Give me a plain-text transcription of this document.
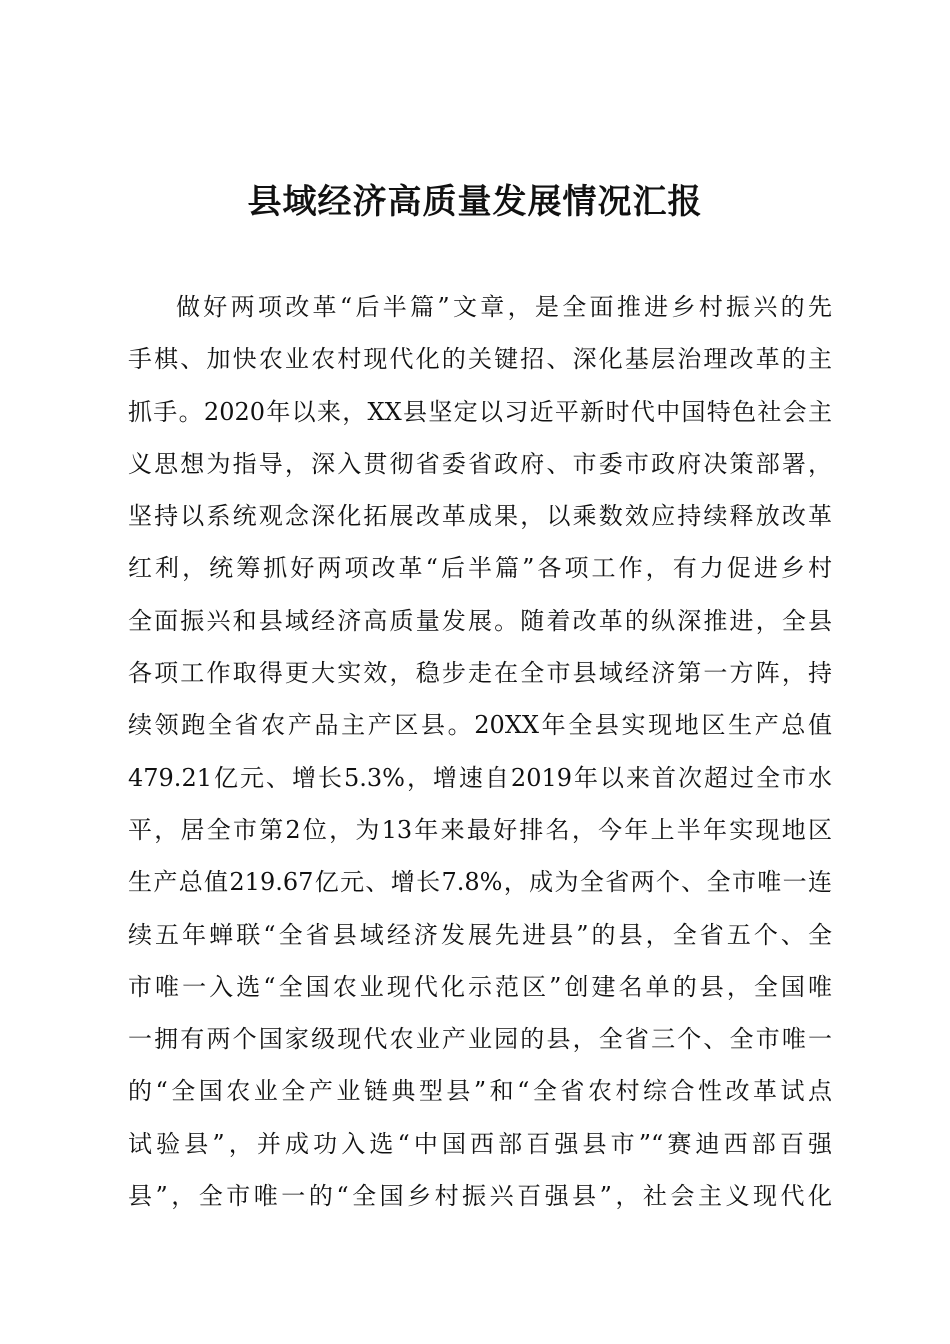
县域经济高质量发展情况汇报
做好两项改革“后半篇”文章，是全面推进乡村振兴的先
手棋、加快农业农村现代化的关键招、深化基层治理改革的主
抓手。2020年以来，XX县坚定以习近平新时代中国特色社会主
义思想为指导，深入贯彻省委省政府、市委市政府决策部署，
坚持以系统观念深化拓展改革成果，以乘数效应持续释放改革
红利，统筹抓好两项改革“后半篇”各项工作，有力促进乡村
全面振兴和县域经济高质量发展。随着改革的纵深推进，全县
各项工作取得更大实效，稳步走在全市县域经济第一方阵，持
续领跑全省农产品主产区县。20XX年全县实现地区生产总值
479.21亿元、增长5.3%，增速自2019年以来首次超过全市水
平，居全市第2位，为13年来最好排名，今年上半年实现地区
生产总值219.67亿元、增长7.8%，成为全省两个、全市唯一连
续五年蝉联“全省县域经济发展先进县”的县，全省五个、全
市唯一入选“全国农业现代化示范区”创建名单的县，全国唯
一拥有两个国家级现代农业产业园的县，全省三个、全市唯一
的“全国农业全产业链典型县”和“全省农村综合性改革试点
试验县”，并成功入选“中国西部百强县市”“赛迪西部百强
县”，全市唯一的“全国乡村振兴百强县”，社会主义现代化
